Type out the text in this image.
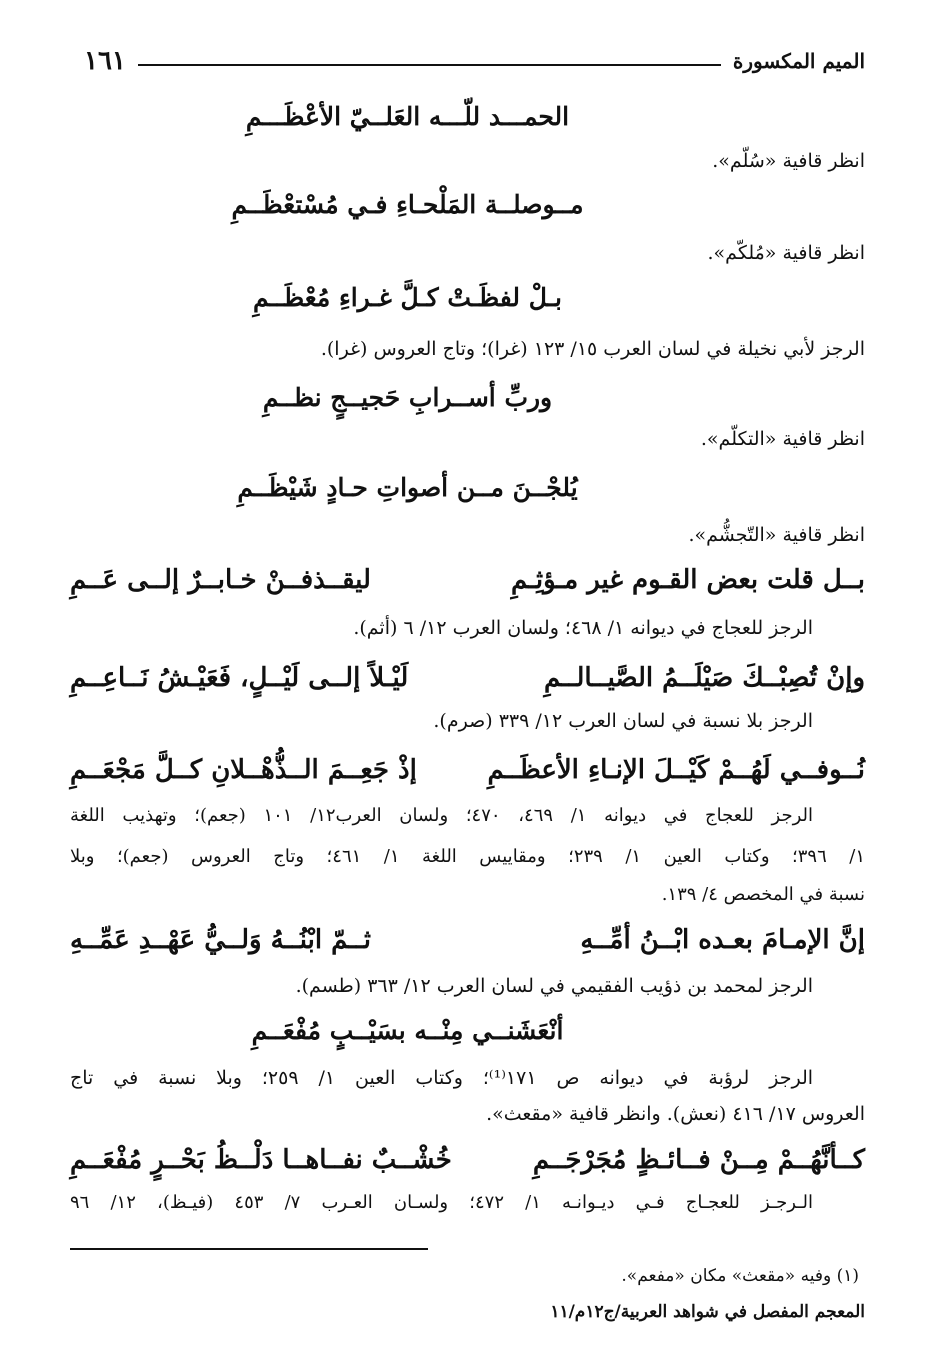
الميم المكسورة
١٦١
الحمـــد للّـــه العَلــيّ الأعْظَـــمِ
انظر قافية «سُلّم».
مــوصلــة المَلْحـاءِ فـي مُسْتعْظَــمِ
انظر قافية «مُلكّم».
بـلْ لفظَـتْ كـلَّ غـراءِ مُعْظَــمِ
الرجز لأبي نخيلة في لسان العرب ١٥/ ١٢٣ (غرا)؛ وتاج العروس (غرا).
وربِّ أســرابِ حَجيــجٍ نظــمِ
انظر قافية «التكلّم».
يُلجْــنَ مــن أصواتِ حـادٍ شَيْظَــمِ
انظر قافية «التّجشُّم».
بــل قلت بعض القـوم غير مـؤثِـمِ
ليقــذفــنْ خـابــرٌ إلــى عَــمِ
الرجز للعجاج في ديوانه ١/ ٤٦٨؛ ولسان العرب ١٢/ ٦ (أثم).
وإنْ تُصِبْــكَ صَيْلَــمُ الصَّيــالــمِ
لَيْـلاً إلــى لَيْــلٍ، فَعَيْـشُ نَــاعِــمِ
الرجز بلا نسبة في لسان العرب ١٢/ ٣٣٩ (صرم).
نُــوفــي لَهُــمْ كَيْــلَ الإنـاءِ الأعظَــمِ
إذْ جَعِــمَ الــذُّهْــلانِ كــلَّ مَجْعَــمِ
الرجز للعجاج في ديوانه ١/ ٤٦٩، ٤٧٠؛ ولسان العرب١٢/ ١٠١ (جعم)؛ وتهذيب اللغة
١/ ٣٩٦؛ وكتاب العين ١/ ٢٣٩؛ ومقاييس اللغة ١/ ٤٦١؛ وتاج العروس (جعم)؛ وبلا
نسبة في المخصص ٤/ ١٣٩.
إنَّ الإمـامَ بعـده ابْــنُ أمِّــهِ
ثــمّ ابْنُــهُ وَلــيُّ عَهْــدِ عَمِّــهِ
الرجز لمحمد بن ذؤيب الفقيمي في لسان العرب ١٢/ ٣٦٣ (طسم).
أنْعَشَنــي مِنْــه بسَيْــبٍ مُفْعَــمِ
الرجز لرؤبة في ديوانه ص ١٧١⁽¹⁾؛ وكتاب العين ١/ ٢٥٩؛ وبلا نسبة في تاج
العروس ١٧/ ٤١٦ (نعش). وانظر قافية «مقعث».
كــأنَّهُــمْ مِــنْ فــائـظٍ مُجَرْجَــمِ
خُشْــبٌ نفــاهــا دَلْــظُ بَحْــرٍ مُفْعَــمِ
الـرجـز للعجـاج فـي ديـوانـه ١/ ٤٧٢؛ ولسـان العـرب ٧/ ٤٥٣ (فيـظ)، ١٢/ ٩٦
(١) وفيه «مقعث» مكان «مفعم».
المعجم المفصل في شواهد العربية/ج١٢م/١١
